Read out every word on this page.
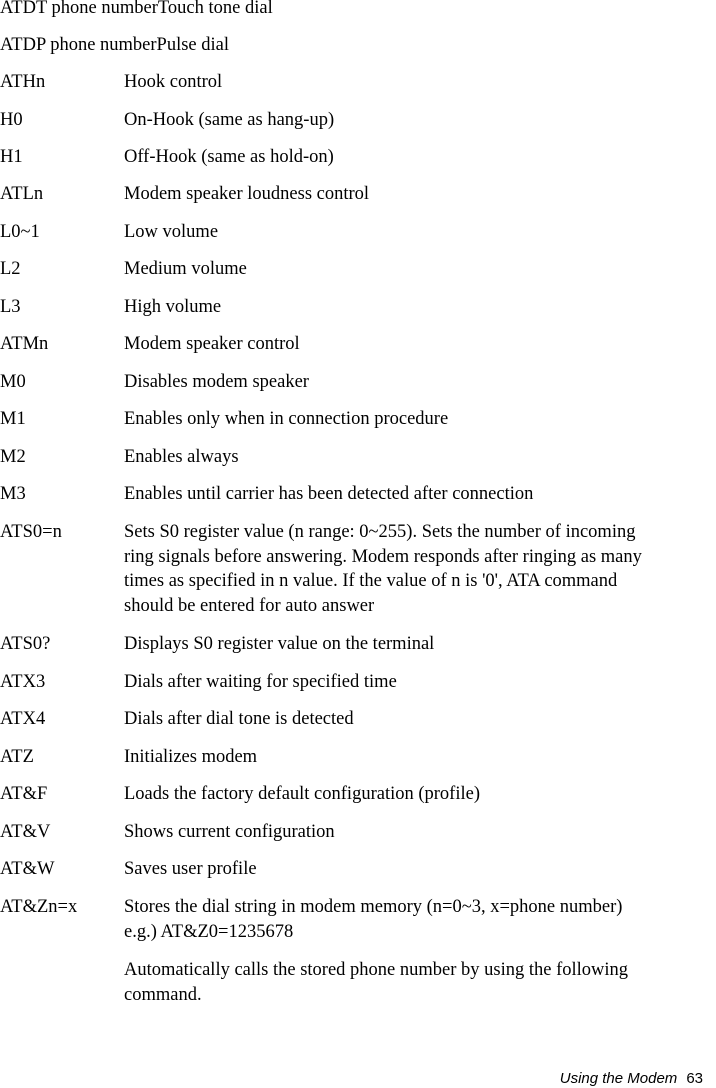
ATDT phone numberTouch tone dial
ATDP phone numberPulse dial
ATHn	Hook control
H0	On-Hook (same as hang-up)
H1	Off-Hook (same as hold-on)
ATLn	Modem speaker loudness control
L0~1	Low volume
L2	Medium volume
L3	High volume
ATMn	Modem speaker control
M0	Disables modem speaker
M1	Enables only when in connection procedure
M2	Enables always
M3	Enables until carrier has been detected after connection
ATS0=n	Sets S0 register value (n range: 0~255). Sets the number of incoming
ring signals before answering. Modem responds after ringing as many
times as specified in n value. If the value of n is '0', ATA command
should be entered for auto answer
ATS0?	Displays S0 register value on the terminal
ATX3	Dials after waiting for specified time
ATX4	Dials after dial tone is detected
ATZ	Initializes modem
AT&F	Loads the factory default configuration (profile)
AT&V	Shows current configuration
AT&W	Saves user profile
AT&Zn=x	Stores the dial string in modem memory (n=0~3, x=phone number)
e.g.) AT&Z0=1235678
Automatically calls the stored phone number by using the following
command.
Using the Modem 63
